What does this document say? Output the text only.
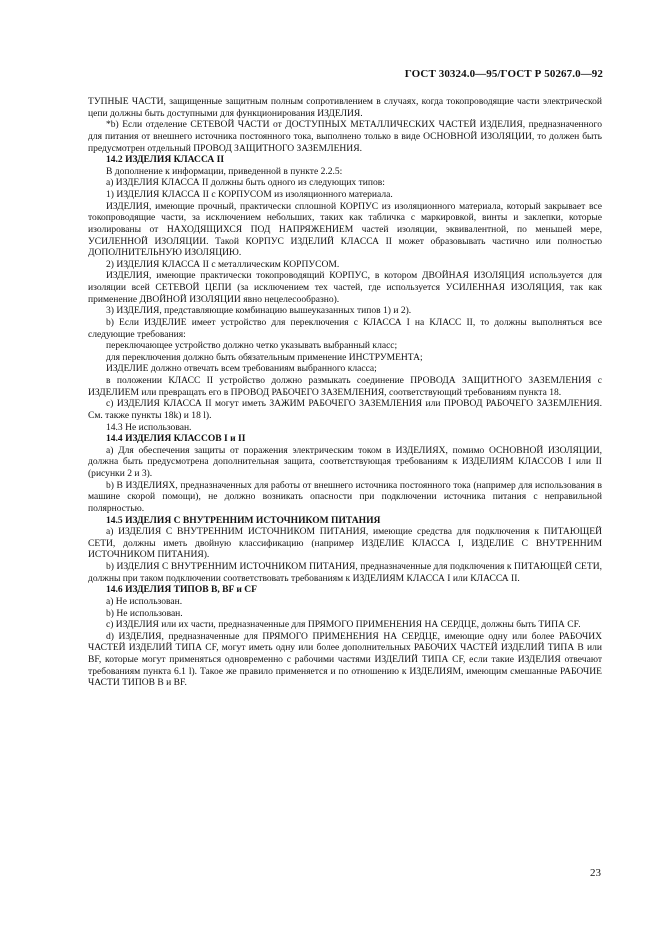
ГОСТ 30324.0—95/ГОСТ Р 50267.0—92

ТУПНЫЕ ЧАСТИ, защищенные защитным полным сопротивлением в случаях, когда токопроводящие части электрической цепи должны быть доступными для функционирования ИЗДЕЛИЯ.

*b) Если отделение СЕТЕВОЙ ЧАСТИ от ДОСТУПНЫХ МЕТАЛЛИЧЕСКИХ ЧАСТЕЙ ИЗДЕЛИЯ, предназначенного для питания от внешнего источника постоянного тока, выполнено только в виде ОСНОВНОЙ ИЗОЛЯЦИИ, то должен быть предусмотрен отдельный ПРОВОД ЗАЩИТНОГО ЗАЗЕМЛЕНИЯ.

14.2 ИЗДЕЛИЯ КЛАССА II

В дополнение к информации, приведенной в пункте 2.2.5:

а) ИЗДЕЛИЯ КЛАССА II должны быть одного из следующих типов:

1) ИЗДЕЛИЯ КЛАССА II с КОРПУСОМ из изоляционного материала.

ИЗДЕЛИЯ, имеющие прочный, практически сплошной КОРПУС из изоляционного материала, который закрывает все токопроводящие части, за исключением небольших, таких как табличка с маркировкой, винты и заклепки, которые изолированы от НАХОДЯЩИХСЯ ПОД НАПРЯЖЕНИЕМ частей изоляции, эквивалентной, по меньшей мере, УСИЛЕННОЙ ИЗОЛЯЦИИ. Такой КОРПУС ИЗДЕЛИЙ КЛАССА II может образовывать частично или полностью ДОПОЛНИТЕЛЬНУЮ ИЗОЛЯЦИЮ.

2) ИЗДЕЛИЯ КЛАССА II с металлическим КОРПУСОМ.

ИЗДЕЛИЯ, имеющие практически токопроводящий КОРПУС, в котором ДВОЙНАЯ ИЗОЛЯЦИЯ используется для изоляции всей СЕТЕВОЙ ЦЕПИ (за исключением тех частей, где используется УСИЛЕННАЯ ИЗОЛЯЦИЯ, так как применение ДВОЙНОЙ ИЗОЛЯЦИИ явно нецелесообразно).

3) ИЗДЕЛИЯ, представляющие комбинацию вышеуказанных типов 1) и 2).

b) Если ИЗДЕЛИЕ имеет устройство для переключения с КЛАССА I на КЛАСС II, то должны выполняться все следующие требования:

переключающее устройство должно четко указывать выбранный класс;

для переключения должно быть обязательным применение ИНСТРУМЕНТА;

ИЗДЕЛИЕ должно отвечать всем требованиям выбранного класса;

в положении КЛАСС II устройство должно размыкать соединение ПРОВОДА ЗАЩИТНОГО ЗАЗЕМЛЕНИЯ с ИЗДЕЛИЕМ или превращать его в ПРОВОД РАБОЧЕГО ЗАЗЕМЛЕНИЯ, соответствующий требованиям пункта 18.

с) ИЗДЕЛИЯ КЛАССА II могут иметь ЗАЖИМ РАБОЧЕГО ЗАЗЕМЛЕНИЯ или ПРОВОД РАБОЧЕГО ЗАЗЕМЛЕНИЯ. См. также пункты 18k) и 18 l).

14.3 Не использован.

14.4 ИЗДЕЛИЯ КЛАССОВ I и II

а) Для обеспечения защиты от поражения электрическим током в ИЗДЕЛИЯХ, помимо ОСНОВНОЙ ИЗОЛЯЦИИ, должна быть предусмотрена дополнительная защита, соответствующая требованиям к ИЗДЕЛИЯМ КЛАССОВ I или II (рисунки 2 и 3).

b) В ИЗДЕЛИЯХ, предназначенных для работы от внешнего источника постоянного тока (например для использования в машине скорой помощи), не должно возникать опасности при подключении источника питания с неправильной полярностью.

14.5 ИЗДЕЛИЯ С ВНУТРЕННИМ ИСТОЧНИКОМ ПИТАНИЯ

а) ИЗДЕЛИЯ С ВНУТРЕННИМ ИСТОЧНИКОМ ПИТАНИЯ, имеющие средства для подключения к ПИТАЮЩЕЙ СЕТИ, должны иметь двойную классификацию (например ИЗДЕЛИЕ КЛАССА I, ИЗДЕЛИЕ С ВНУТРЕННИМ ИСТОЧНИКОМ ПИТАНИЯ).

b) ИЗДЕЛИЯ С ВНУТРЕННИМ ИСТОЧНИКОМ ПИТАНИЯ, предназначенные для подключения к ПИТАЮЩЕЙ СЕТИ, должны при таком подключении соответствовать требованиям к ИЗДЕЛИЯМ КЛАССА I или КЛАССА II.

14.6 ИЗДЕЛИЯ ТИПОВ В, BF и CF

а) Не использован.

b) Не использован.

с) ИЗДЕЛИЯ или их части, предназначенные для ПРЯМОГО ПРИМЕНЕНИЯ НА СЕРДЦЕ, должны быть ТИПА CF.

d) ИЗДЕЛИЯ, предназначенные для ПРЯМОГО ПРИМЕНЕНИЯ НА СЕРДЦЕ, имеющие одну или более РАБОЧИХ ЧАСТЕЙ ИЗДЕЛИЙ ТИПА CF, могут иметь одну или более дополнительных РАБОЧИХ ЧАСТЕЙ ИЗДЕЛИЙ ТИПА В или BF, которые могут применяться одновременно с рабочими частями ИЗДЕЛИЙ ТИПА CF, если такие ИЗДЕЛИЯ отвечают требованиям пункта 6.1 l). Такое же правило применяется и по отношению к ИЗДЕЛИЯМ, имеющим смешанные РАБОЧИЕ ЧАСТИ ТИПОВ В и BF.

23
